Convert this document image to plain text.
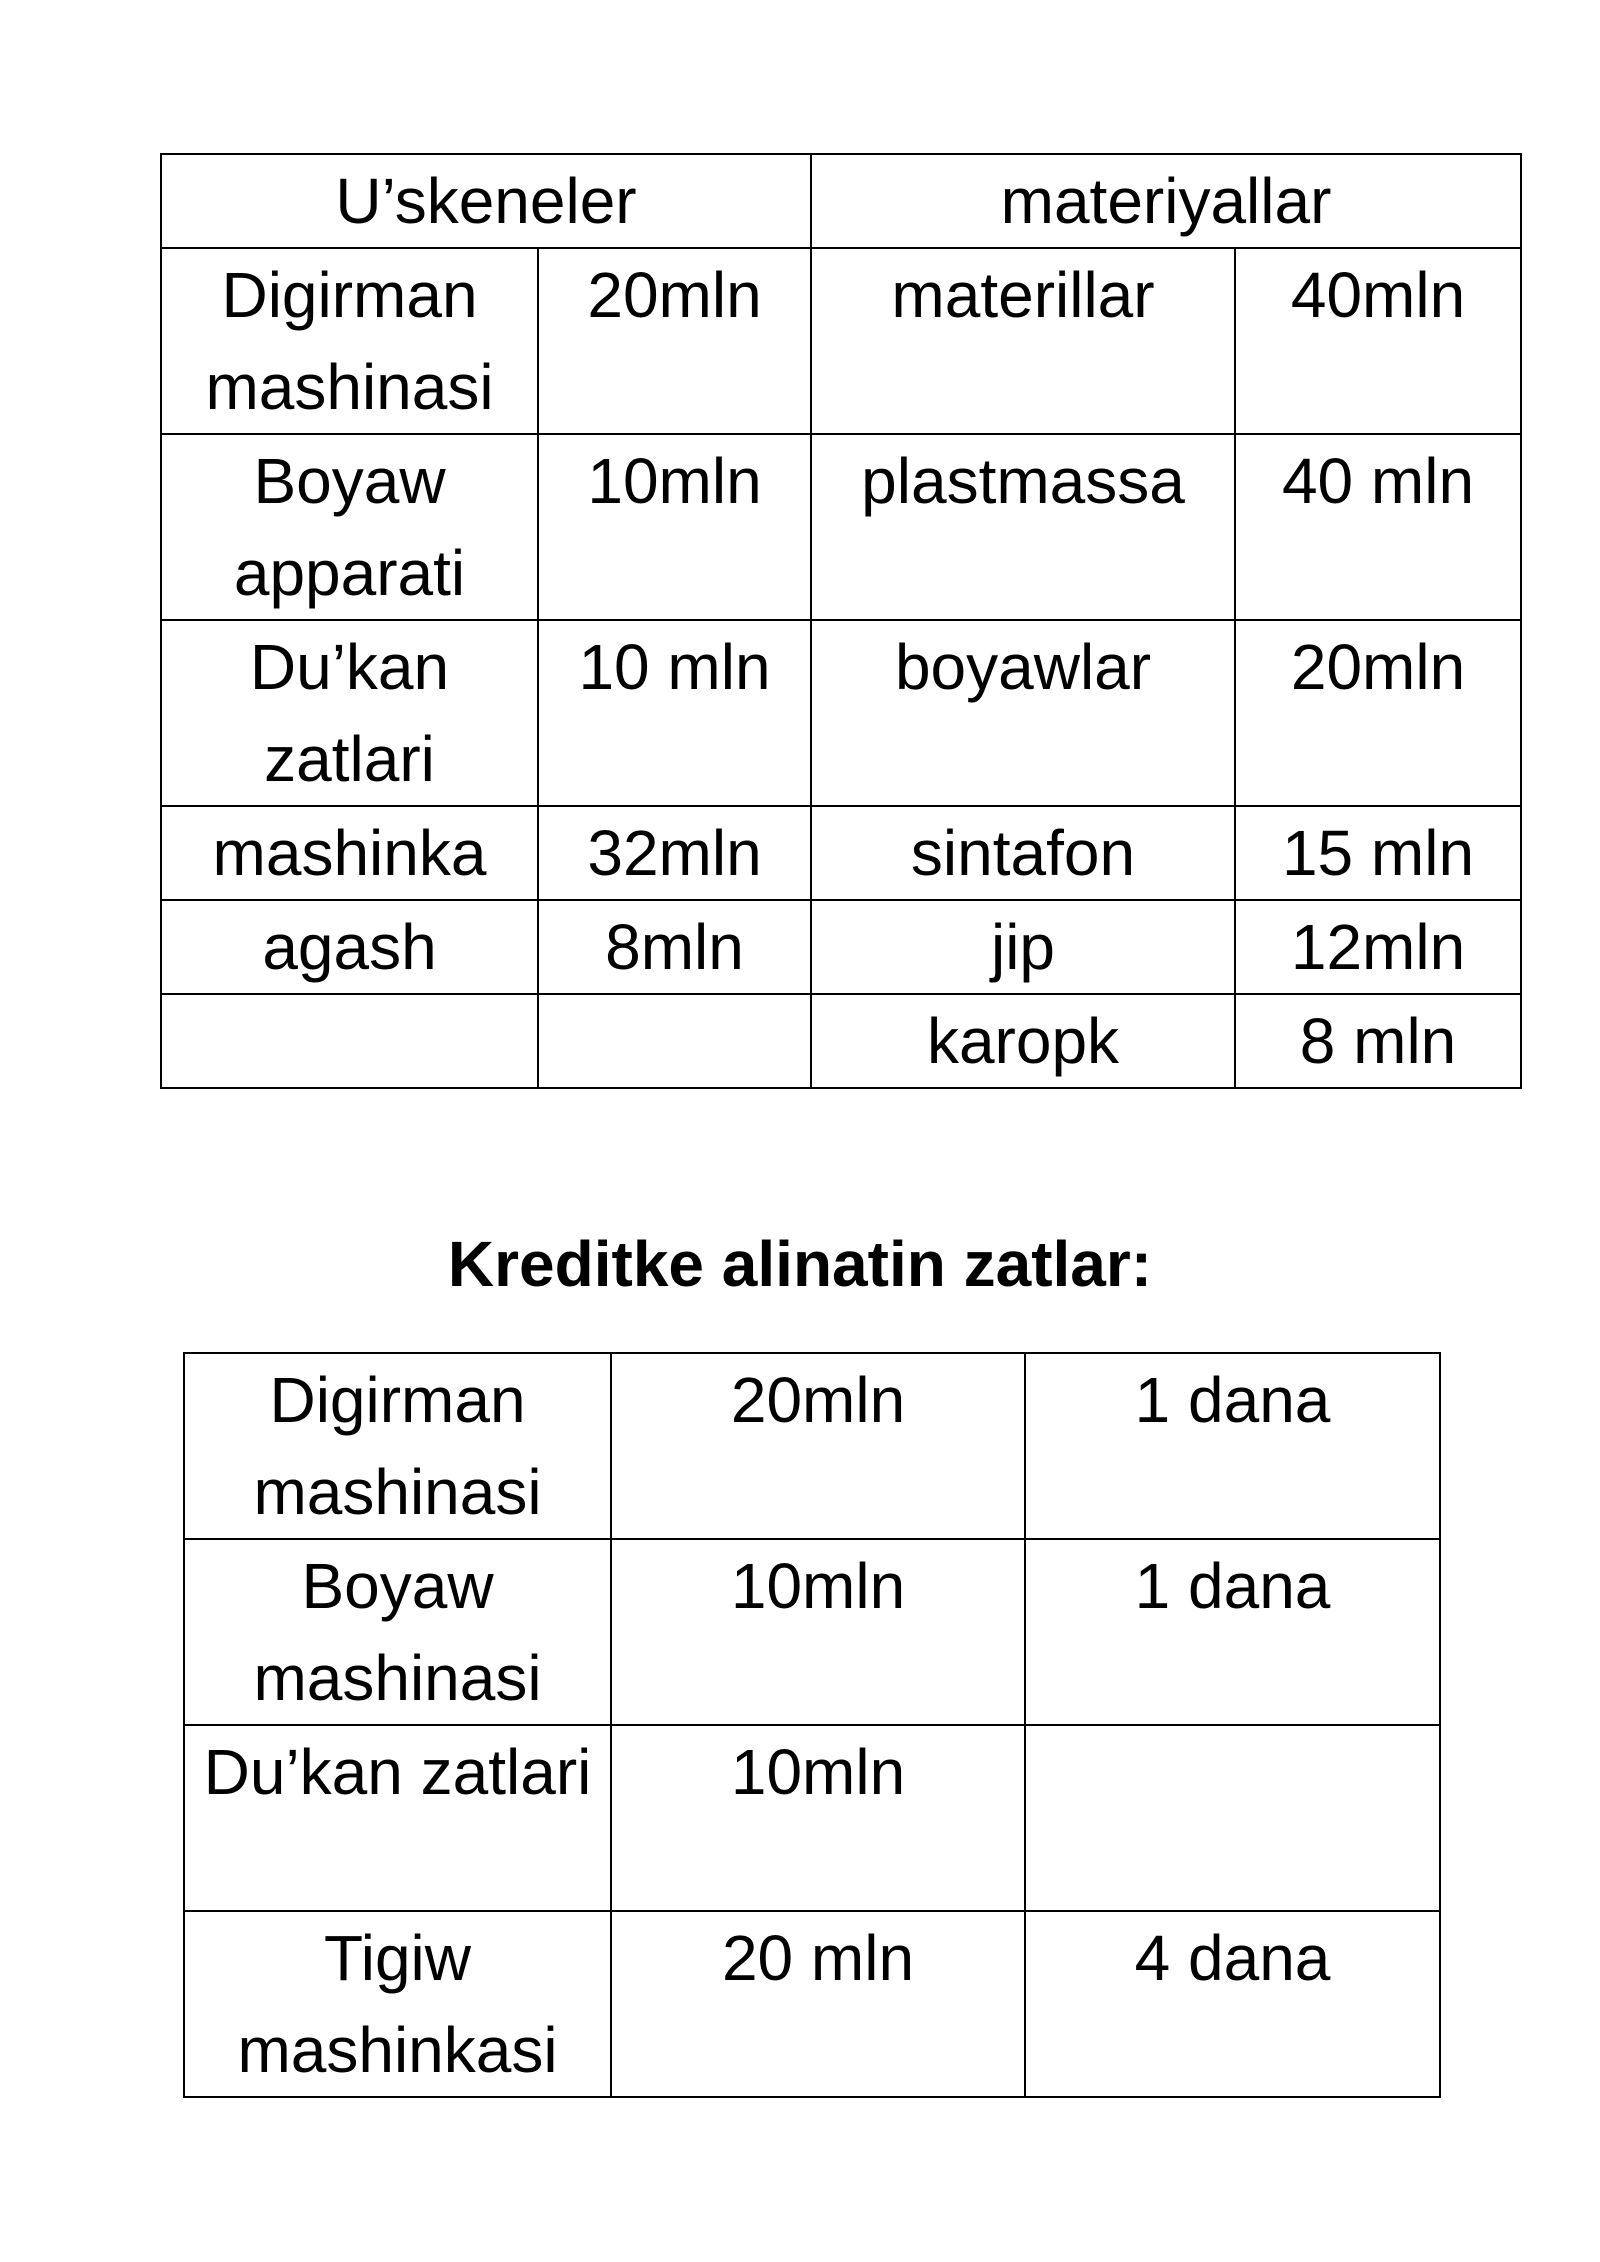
U’skeneler		materiyallar	
Digirman mashinasi	20mln	materillar	40mln
Boyaw apparati	10mln	plastmassa	40 mln
Du’kan zatlari	10 mln	boyawlar	20mln
mashinka	32mln	sintafon	15 mln
agash	8mln	jip	12mln
		karopk	8 mln

Kreditke alinatin zatlar:

Digirman mashinasi	20mln	1 dana
Boyaw mashinasi	10mln	1 dana
Du’kan zatlari	10mln	
Tigiw mashinkasi	20 mln	4 dana
